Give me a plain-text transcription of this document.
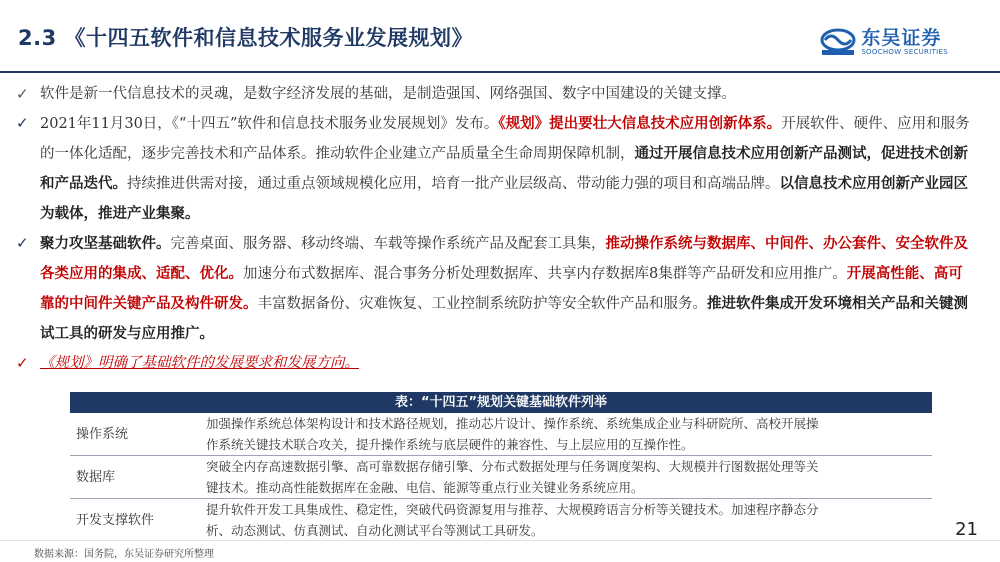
2.3 《十四五软件和信息技术服务业发展规划》	东吴证券
SOOCHOW SECURITIES
✓ 软件是新一代信息技术的灵魂，是数字经济发展的基础，是制造强国、网络强国、数字中国建设的关键支撑。
✓ 2021年11月30日，《“十四五”软件和信息技术服务业发展规划》发布。《规划》提出要壮大信息技术应用创新体系。开展软件、硬件、应用和服务的一体化适配，逐步完善技术和产品体系。推动软件企业建立产品质量全生命周期保障机制，通过开展信息技术应用创新产品测试，促进技术创新和产品迭代。持续推进供需对接，通过重点领域规模化应用，培育一批产业层级高、带动能力强的项目和高端品牌。以信息技术应用创新产业园区为载体，推进产业集聚。
✓ 聚力攻坚基础软件。完善桌面、服务器、移动终端、车载等操作系统产品及配套工具集，推动操作系统与数据库、中间件、办公套件、安全软件及各类应用的集成、适配、优化。加速分布式数据库、混合事务分析处理数据库、共享内存数据库8集群等产品研发和应用推广。开展高性能、高可靠的中间件关键产品及构件研发。丰富数据备份、灾难恢复、工业控制系统防护等安全软件产品和服务。推进软件集成开发环境相关产品和关键测试工具的研发与应用推广。
✓ 《规划》明确了基础软件的发展要求和发展方向。
表：“十四五”规划关键基础软件列举
操作系统	加强操作系统总体架构设计和技术路径规划，推动芯片设计、操作系统、系统集成企业与科研院所、高校开展操
作系统关键技术联合攻关，提升操作系统与底层硬件的兼容性、与上层应用的互操作性。

数据库	突破全内存高速数据引擎、高可靠数据存储引擎、分布式数据处理与任务调度架构、大规模并行图数据处理等关
键技术。推动高性能数据库在金融、电信、能源等重点行业关键业务系统应用。

开发支撑软件	提升软件开发工具集成性、稳定性，突破代码资源复用与推荐、大规模跨语言分析等关键技术。加速程序静态分
析、动态测试、仿真测试、自动化测试平台等测试工具研发。	21
数据来源：国务院，东吴证券研究所整理
